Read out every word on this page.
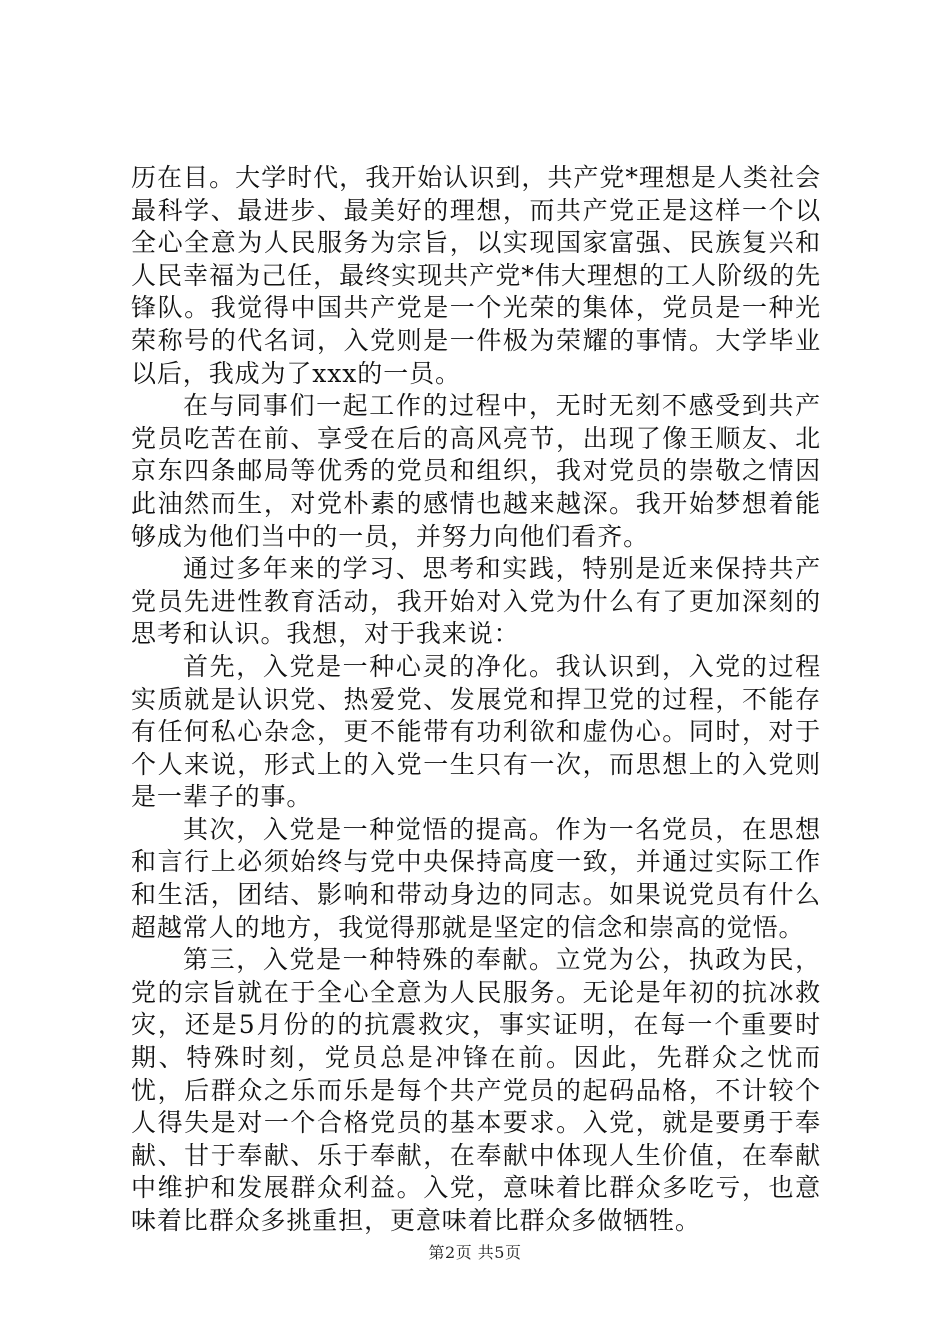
历在目。大学时代，我开始认识到，共产党*理想是人类社会最科学、最进步、最美好的理想，而共产党正是这样一个以全心全意为人民服务为宗旨，以实现国家富强、民族复兴和人民幸福为己任，最终实现共产党*伟大理想的工人阶级的先锋队。我觉得中国共产党是一个光荣的集体，党员是一种光荣称号的代名词，入党则是一件极为荣耀的事情。大学毕业以后，我成为了xxx的一员。

在与同事们一起工作的过程中，无时无刻不感受到共产党员吃苦在前、享受在后的高风亮节，出现了像王顺友、北京东四条邮局等优秀的党员和组织，我对党员的崇敬之情因此油然而生，对党朴素的感情也越来越深。我开始梦想着能够成为他们当中的一员，并努力向他们看齐。

通过多年来的学习、思考和实践，特别是近来保持共产党员先进性教育活动，我开始对入党为什么有了更加深刻的思考和认识。我想，对于我来说：

首先，入党是一种心灵的净化。我认识到，入党的过程实质就是认识党、热爱党、发展党和捍卫党的过程，不能存有任何私心杂念，更不能带有功利欲和虚伪心。同时，对于个人来说，形式上的入党一生只有一次，而思想上的入党则是一辈子的事。

其次，入党是一种觉悟的提高。作为一名党员，在思想和言行上必须始终与党中央保持高度一致，并通过实际工作和生活，团结、影响和带动身边的同志。如果说党员有什么超越常人的地方，我觉得那就是坚定的信念和崇高的觉悟。

第三，入党是一种特殊的奉献。立党为公，执政为民，党的宗旨就在于全心全意为人民服务。无论是年初的抗冰救灾，还是5月份的的抗震救灾，事实证明，在每一个重要时期、特殊时刻，党员总是冲锋在前。因此，先群众之忧而忧，后群众之乐而乐是每个共产党员的起码品格，不计较个人得失是对一个合格党员的基本要求。入党，就是要勇于奉献、甘于奉献、乐于奉献，在奉献中体现人生价值，在奉献中维护和发展群众利益。入党，意味着比群众多吃亏，也意味着比群众多挑重担，更意味着比群众多做牺牲。

第2页 共5页
